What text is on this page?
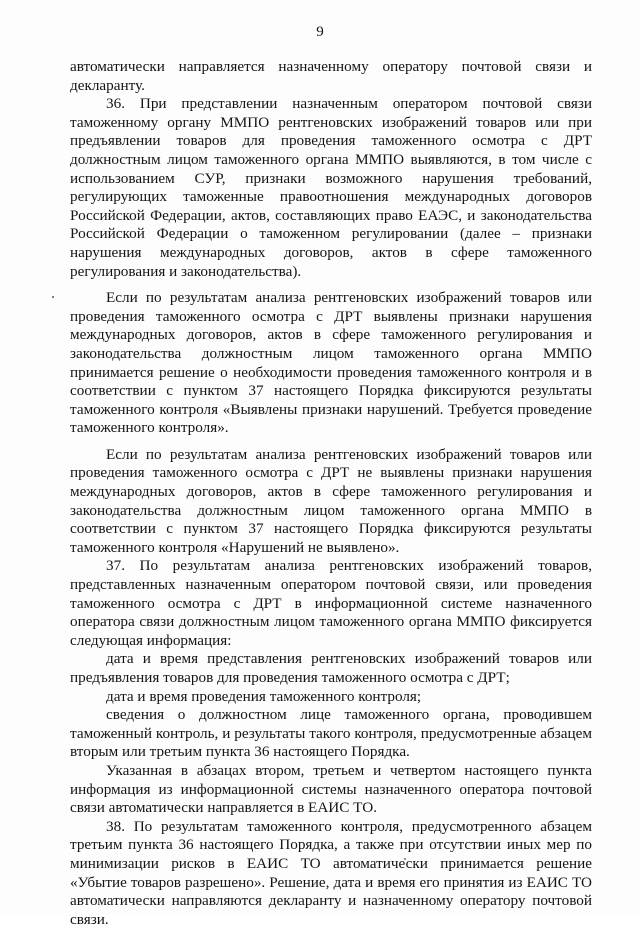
9

автоматически направляется назначенному оператору почтовой связи и декларанту.

36. При представлении назначенным оператором почтовой связи таможенному органу ММПО рентгеновских изображений товаров или при предъявлении товаров для проведения таможенного осмотра с ДРТ должностным лицом таможенного органа ММПО выявляются, в том числе с использованием СУР, признаки возможного нарушения требований, регулирующих таможенные правоотношения международных договоров Российской Федерации, актов, составляющих право ЕАЭС, и законодательства Российской Федерации о таможенном регулировании (далее – признаки нарушения международных договоров, актов в сфере таможенного регулирования и законодательства).

Если по результатам анализа рентгеновских изображений товаров или проведения таможенного осмотра с ДРТ выявлены признаки нарушения международных договоров, актов в сфере таможенного регулирования и законодательства должностным лицом таможенного органа ММПО принимается решение о необходимости проведения таможенного контроля и в соответствии с пунктом 37 настоящего Порядка фиксируются результаты таможенного контроля «Выявлены признаки нарушений. Требуется проведение таможенного контроля».

Если по результатам анализа рентгеновских изображений товаров или проведения таможенного осмотра с ДРТ не выявлены признаки нарушения международных договоров, актов в сфере таможенного регулирования и законодательства должностным лицом таможенного органа ММПО в соответствии с пунктом 37 настоящего Порядка фиксируются результаты таможенного контроля «Нарушений не выявлено».

37. По результатам анализа рентгеновских изображений товаров, представленных назначенным оператором почтовой связи, или проведения таможенного осмотра с ДРТ в информационной системе назначенного оператора связи должностным лицом таможенного органа ММПО фиксируется следующая информация:

дата и время представления рентгеновских изображений товаров или предъявления товаров для проведения таможенного осмотра с ДРТ;

дата и время проведения таможенного контроля;

сведения о должностном лице таможенного органа, проводившем таможенный контроль, и результаты такого контроля, предусмотренные абзацем вторым или третьим пункта 36 настоящего Порядка.

Указанная в абзацах втором, третьем и четвертом настоящего пункта информация из информационной системы назначенного оператора почтовой связи автоматически направляется в ЕАИС ТО.

38. По результатам таможенного контроля, предусмотренного абзацем третьим пункта 36 настоящего Порядка, а также при отсутствии иных мер по минимизации рисков в ЕАИС ТО автоматически принимается решение «Убытие товаров разрешено». Решение, дата и время его принятия из ЕАИС ТО автоматически направляются декларанту и назначенному оператору почтовой связи.
